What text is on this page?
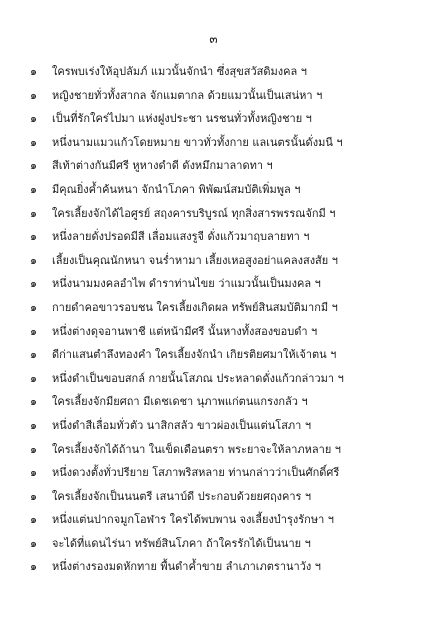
๓
๑	ใครพบเร่งให้อุปลัมภ์ แมวนั้นจักนำ ซึ่งสุขสวัสดิมงคล ฯ
๑	หญิงชายทั่วทั้งสากล จักแมตากล ด้วยแมวนั้นเป็นเสน่หา ฯ
๑	เป็นที่รักใคร่ไปมา แห่งฝูงประชา นรชนทั่วทั้งหญิงชาย ฯ
๑	หนึ่งนามแมวแก้วโดยหมาย ขาวทั่วทั้งกาย แลเนตรนั้นดั่งมนี ฯ
๑	สีเท้าต่างกันมีศรี หูหางดำดี ดังหมึกมาลาดทา ฯ
๑	มีคุณยิ่งค้ำค้นหนา จักนำโภคา พิพัฒน์สมบัติเพิ่มพูล ฯ
๑	ใครเลี้ยงจักได้ไอศูรย์ สฤงคารบริบูรณ์ ทุกสิ่งสารพรรณจักมี ฯ
๑	หนึ่งลายดั่งปรอดมีสี เลื่อมแสงรูจี ดั่งแก้วมาฤบลายทา ฯ
๑	เลี้ยงเป็นคุณนักหนา จนร่ำหามา เลี้ยงเหอสูงอย่าแคลงสงสัย ฯ
๑	หนึ่งนามมงคลอำไพ ดำราท่านไขย ว่าแมวนั้นเป็นมงคล ฯ
๑	กายดำคอขาวรอบชน ใครเลี้ยงเกิดผล ทรัพย์สินสมบัติมากมี ฯ
๑	หนึ่งต่างดุจอานพาชี แต่หน้ามีศรี นั้นหางทั้งสองขอบดำ ฯ
๑	ดีก่าแสนตำลึงทองคำ ใครเลี้ยงจักนำ เกิยรติยศมาให้เจ้าตน ฯ
๑	หนึ่งดำเป็นขอบสกล์ กายนั้นโสภณ ประหลาดดั่งแก้วกล่าวมา ฯ
๑	ใครเลี้ยงจักมียศถา มีเดชเดชา นุภาพแก่ตนแกรงกลัว ฯ
๑	หนึ่งดำสีเลื่อมทั่วตัว นาสิกสลัว ขาวผ่องเป็นแต่นโสภา ฯ
๑	ใครเลี้ยงจักได้ถ้านา ในเข็ดเดือนตรา พระยาจะให้ลาภหลาย ฯ
๑	หนึ่งดวงตั้งทั่วปรียาย โสภาพริสหลาย ท่านกล่าวว่าเป็นศักดิ์ศรี
๑	ใครเลี้ยงจักเป็นนนตรี เสนาบ์ดี ประกอบด้วยยศฤงคาร ฯ
๑	หนึ่งแต่นปากจมูกโอฬาร ใครได้พบพาน จงเลี้ยงบำรุงรักษา ฯ
๑	จะได้ที่แดนไร่นา ทรัพย์สินโภคา ถ้าใครรักได้เป็นนาย ฯ
๑	หนึ่งต่างรองมดหักทาย พื้นดำค้ำขาย ลำเภาเภตรานาวัง ฯ
